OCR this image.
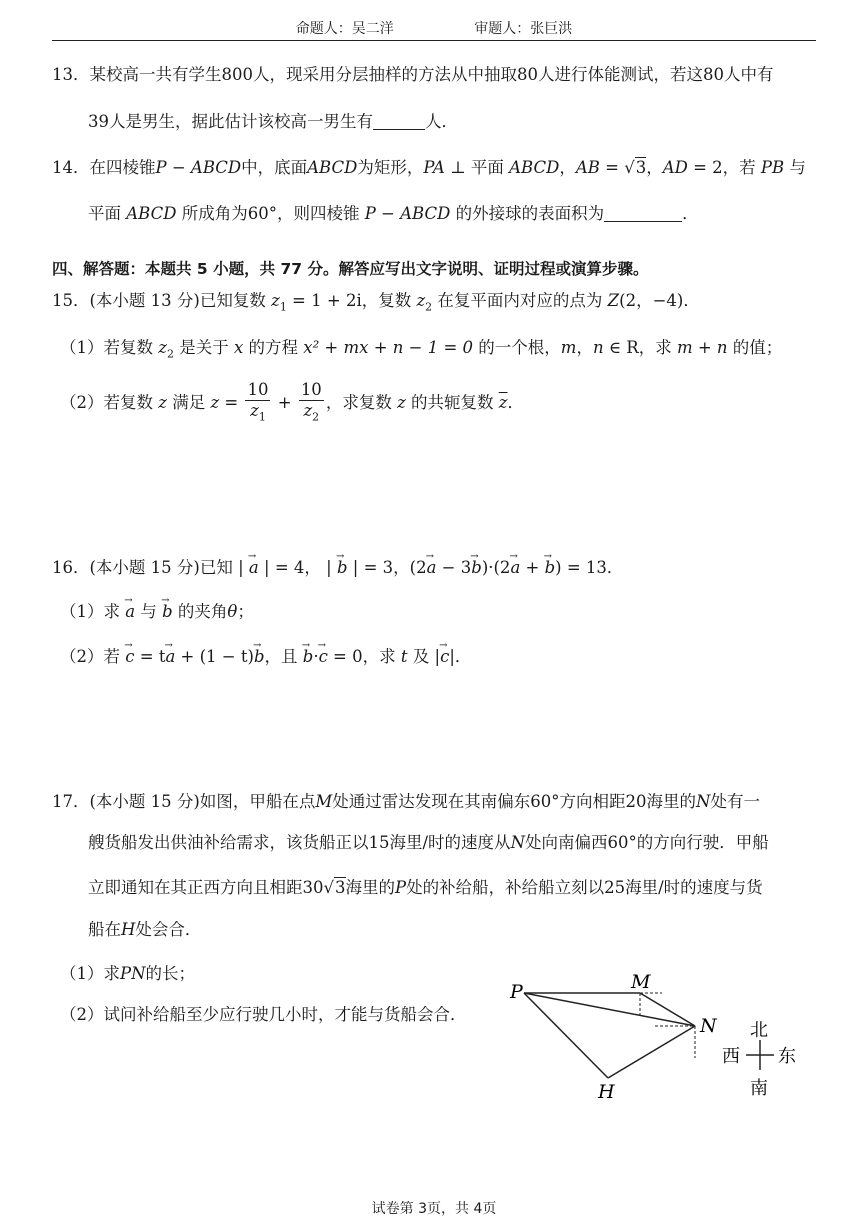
命题人：吴二洋	审题人：张巨洪
13．某校高一共有学生800人，现采用分层抽样的方法从中抽取80人进行体能测试，若这80人中有
39人是男生，据此估计该校高一男生有	人．
14．在四棱锥P − ABCD中，底面ABCD为矩形，PA ⊥ 平面 ABCD，AB = √3，AD = 2，若 PB 与
平面 ABCD 所成角为60°，则四棱锥 P − ABCD 的外接球的表面积为	．
四、解答题：本题共 5 小题，共 77 分。解答应写出文字说明、证明过程或演算步骤。
15．(本小题 13 分)已知复数 $z_1 = 1 + 2i$，复数 $z_2$ 在复平面内对应的点为 Z(2，−4)．
（1）若复数 $z_2$ 是关于 x 的方程 x² + mx + n − 1 = 0 的一个根，m，n ∈ R，求 m + n 的值；
（2）若复数 z 满足 $z = \frac{10}{z_1} + \frac{10}{z_2}$ ，求复数 z 的共轭复数 $\overline{z}$．
16．(本小题 15 分)已知 | → a | = 4， | → b | = 3，(2→ a − 3→ b)·(2→ a + → b) = 13．
（1）求 → a 与 → b 的夹角θ；
（2）若 → c = t→ a + (1 − t)→ b，且 → b·→ c = 0，求 t 及 |→ c|．
17．(本小题 15 分)如图，甲船在点M处通过雷达发现在其南偏东60°方向相距20海里的N处有一
艘货船发出供油补给需求，该货船正以15海里/时的速度从N处向南偏西60°的方向行驶．甲船
立即通知在其正西方向且相距30√3海里的P处的补给船，补给船立刻以25海里/时的速度与货
船在H处会合．
（1）求PN的长；
（2）试问补给船至少应行驶几小时，才能与货船会合．
P	M
N
H
北
南
西 东
试卷第 3页，共 4页
